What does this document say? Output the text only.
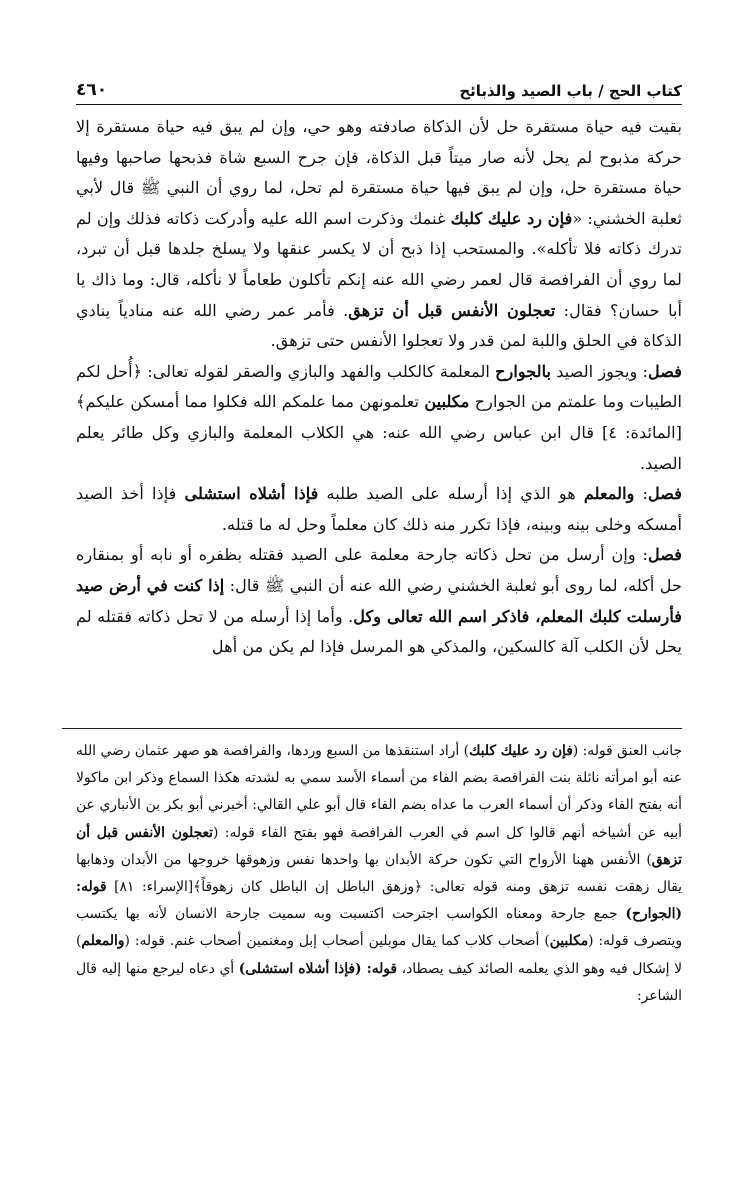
كتاب الحج / باب الصيد والذبائح
٤٦٠

بقيت فيه حياة مستقرة حل لأن الذكاة صادفته وهو حي، وإن لم يبق فيه حياة مستقرة إلا حركة مذبوح لم يحل لأنه صار ميتاً قبل الذكاة، فإن جرح السبع شاة فذبحها صاحبها وفيها حياة مستقرة حل، وإن لم يبق فيها حياة مستقرة لم تحل، لما روي أن النبي ﷺ قال لأبي ثعلبة الخشني: «فإن رد عليك كلبك غنمك وذكرت اسم الله عليه وأدركت ذكاته فذلك وإن لم تدرك ذكاته فلا تأكله». والمستحب إذا ذبح أن لا يكسر عنقها ولا يسلخ جلدها قبل أن تبرد، لما روي أن الفرافصة قال لعمر رضي الله عنه إنكم تأكلون طعاماً لا نأكله، قال: وما ذاك يا أبا حسان؟ فقال: تعجلون الأنفس قبل أن تزهق. فأمر عمر رضي الله عنه منادياً ينادي الذكاة في الحلق واللبة لمن قدر ولا تعجلوا الأنفس حتى تزهق.

فصل: ويجوز الصيد بالجوارح المعلمة كالكلب والفهد والبازي والصقر لقوله تعالى: ﴿أُحل لكم الطيبات وما علمتم من الجوارح مكلبين تعلمونهن مما علمكم الله فكلوا مما أمسكن عليكم﴾ [المائدة: ٤] قال ابن عباس رضي الله عنه: هي الكلاب المعلمة والبازي وكل طائر يعلم الصيد.

فصل: والمعلم هو الذي إذا أرسله على الصيد طلبه فإذا أشلاه استشلى فإذا أخذ الصيد أمسكه وخلى بينه وبينه، فإذا تكرر منه ذلك كان معلماً وحل له ما قتله.

فصل: وإن أرسل من تحل ذكاته جارحة معلمة على الصيد فقتله بظفره أو نابه أو بمنقاره حل أكله، لما روى أبو ثعلبة الخشني رضي الله عنه أن النبي ﷺ قال: إذا كنت في أرض صيد فأرسلت كلبك المعلم، فاذكر اسم الله تعالى وكل. وأما إذا أرسله من لا تحل ذكاته فقتله لم يحل لأن الكلب آلة كالسكين، والمذكي هو المرسل فإذا لم يكن من أهل

جانب العنق قوله: (فإن رد عليك كلبك) أراد استنقذها من السبع وردها، والفرافصة هو صهر عثمان رضي الله عنه أبو امرأته نائلة بنت الفرافصة بضم الفاء من أسماء الأسد سمي به لشدته هكذا السماع وذكر ابن ماكولا أنه بفتح الفاء وذكر أن أسماء العرب ما عداه بضم الفاء قال أبو علي القالي: أخبرني أبو بكر بن الأنباري عن أبيه عن أشياخه أنهم قالوا كل اسم في العرب الفرافصة فهو بفتح الفاء قوله: (تعجلون الأنفس قبل أن تزهق) الأنفس ههنا الأرواح التي تكون حركة الأبدان بها واحدها نفس وزهوقها خروجها من الأبدان وذهابها يقال زهقت نفسه تزهق ومنه قوله تعالى: ﴿وزهق الباطل إن الباطل كان زهوقاً﴾[الإسراء: ٨١] قوله: (الجوارح) جمع جارحة ومعناه الكواسب اجترحت اكتسبت وبه سميت جارحة الانسان لأنه بها يكتسب ويتصرف قوله: (مكلبين) أصحاب كلاب كما يقال موبلين أصحاب إبل ومغنمين أصحاب غنم. قوله: (والمعلم) لا إشكال فيه وهو الذي يعلمه الصائد كيف يصطاد، قوله: (فإذا أشلاه استشلى) أي دعاه ليرجع منها إليه قال الشاعر:
